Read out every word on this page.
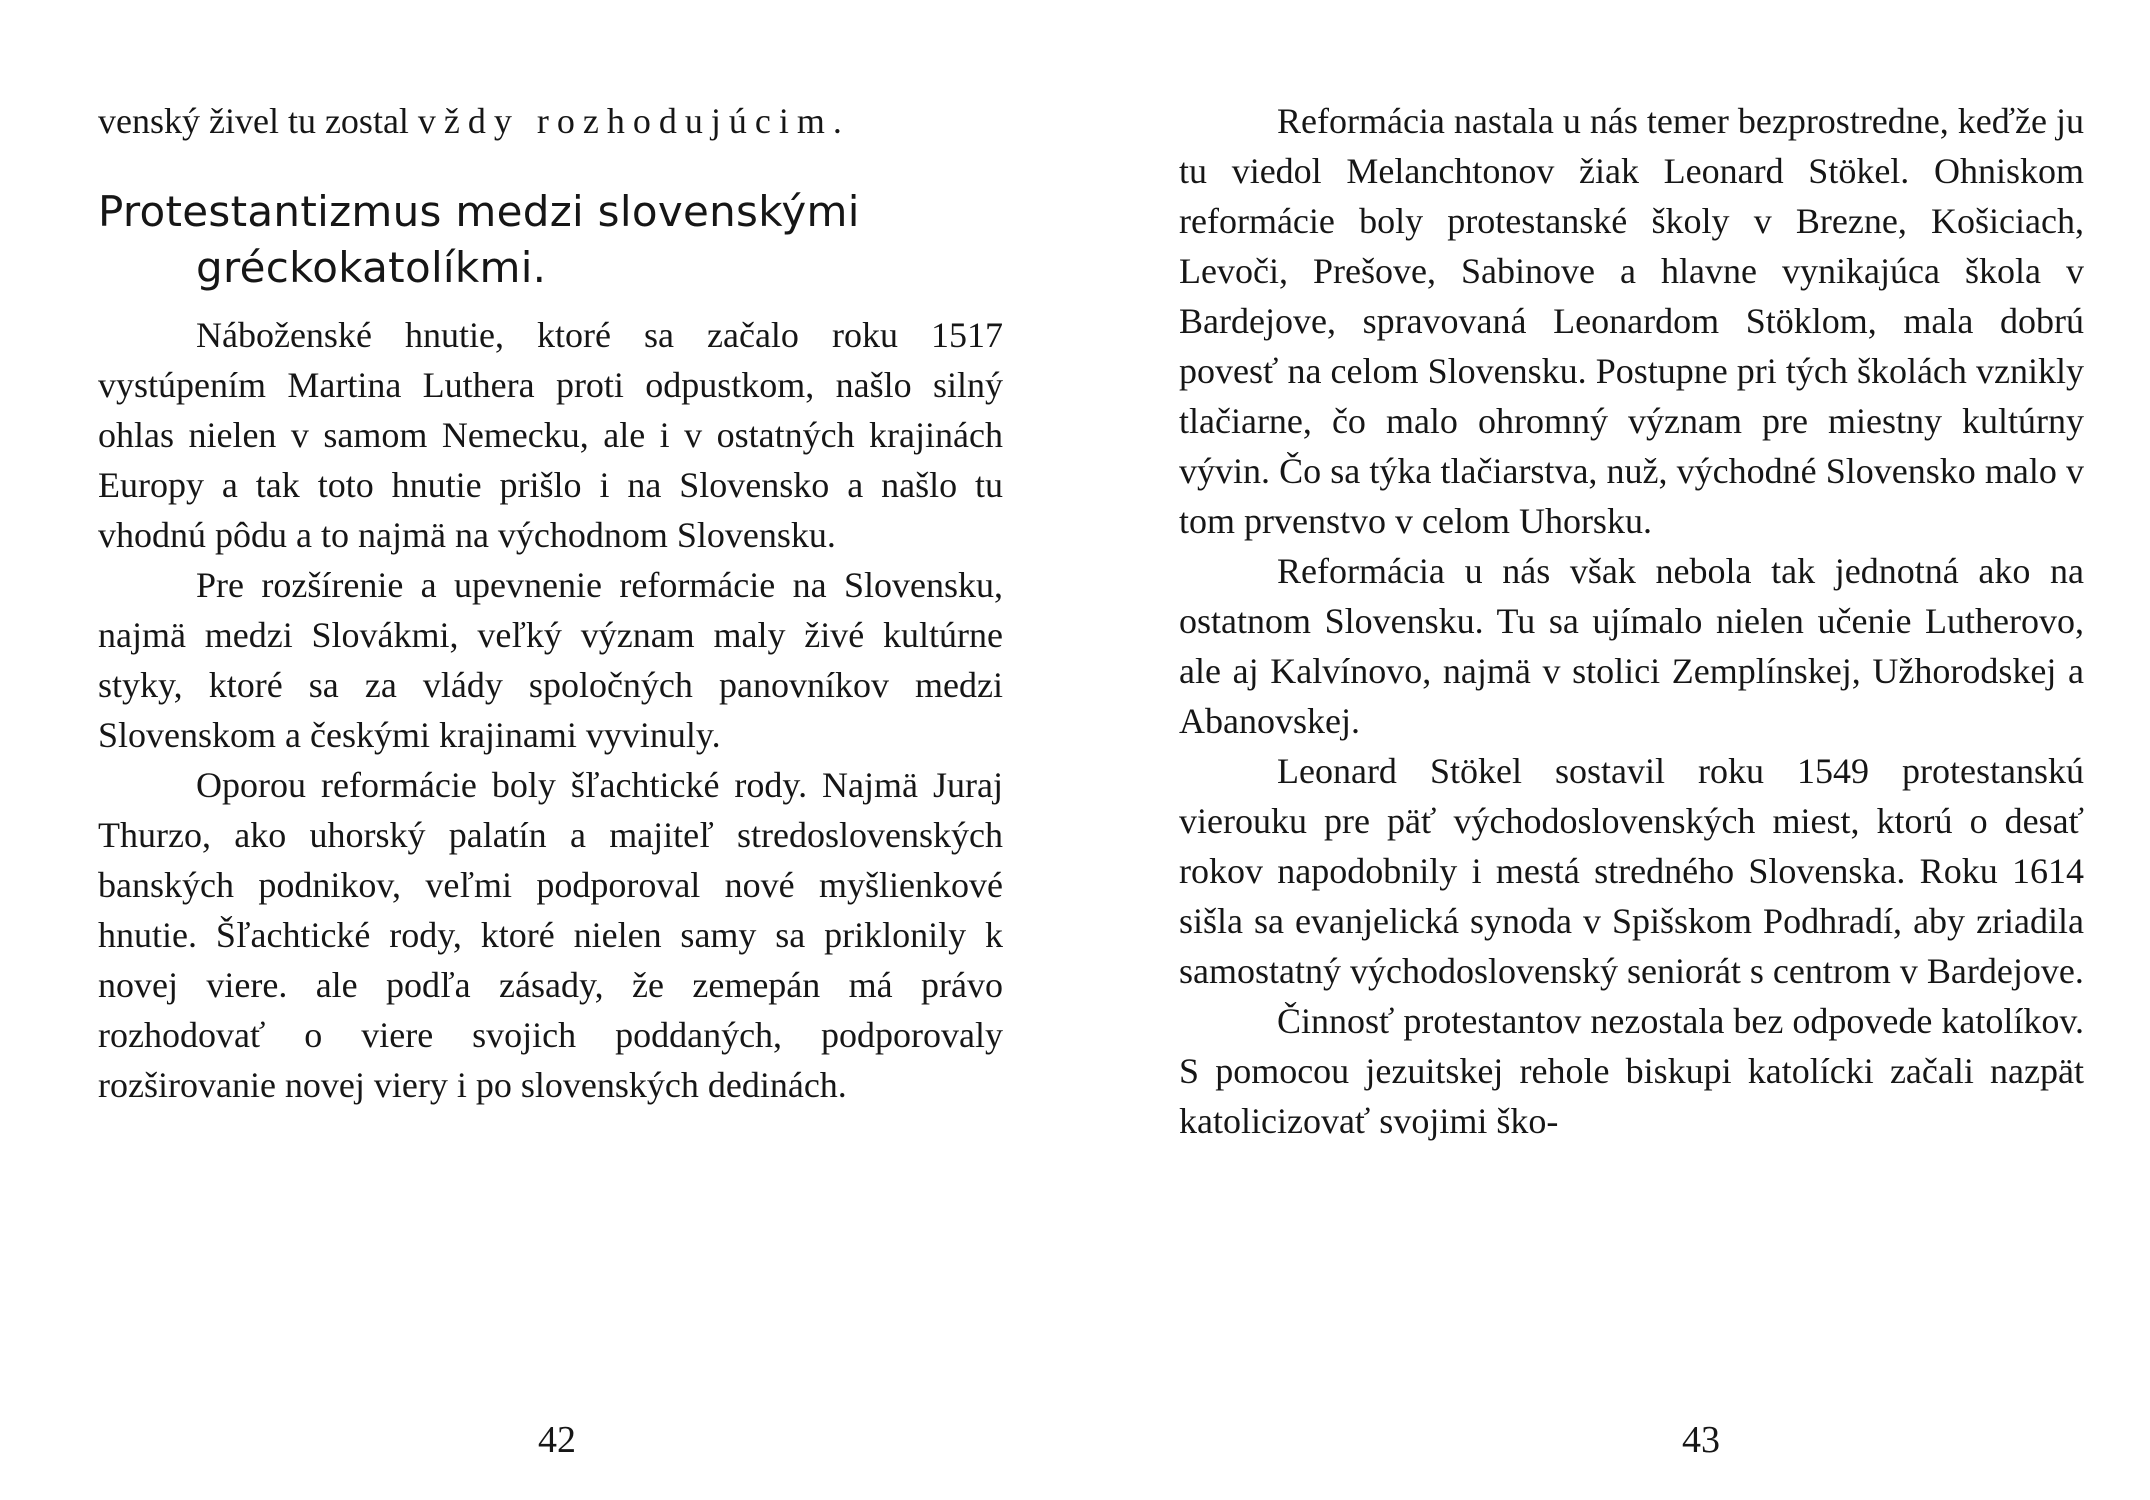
venský živel tu zostal vždy rozhodujúcim.

Protestantizmus medzi slovenskými gréckokatolíkmi.

Náboženské hnutie, ktoré sa začalo roku 1517 vystúpením Martina Luthera proti odpustkom, našlo silný ohlas nielen v samom Nemecku, ale i v ostatných krajinách Europy a tak toto hnutie prišlo i na Slovensko a našlo tu vhodnú pôdu a to najmä na východnom Slovensku.

Pre rozšírenie a upevnenie reformácie na Slovensku, najmä medzi Slovákmi, veľký význam maly živé kultúrne styky, ktoré sa za vlády spoločných panovníkov medzi Slovenskom a českými krajinami vyvinuly.

Oporou reformácie boly šľachtické rody. Najmä Juraj Thurzo, ako uhorský palatín a majiteľ stredoslovenských banských podnikov, veľmi podporoval nové myšlienkové hnutie. Šľachtické rody, ktoré nielen samy sa priklonily k novej viere. ale podľa zásady, že zemepán má právo rozhodovať o viere svojich poddaných, podporovaly rozširovanie novej viery i po slovenských dedinách.

42

Reformácia nastala u nás temer bezprostredne, keďže ju tu viedol Melanchtonov žiak Leonard Stökel. Ohniskom reformácie boly protestanské školy v Brezne, Košiciach, Levoči, Prešove, Sabinove a hlavne vynikajúca škola v Bardejove, spravovaná Leonardom Stöklom, mala dobrú povesť na celom Slovensku. Postupne pri tých školách vznikly tlačiarne, čo malo ohromný význam pre miestny kultúrny vývin. Čo sa týka tlačiarstva, nuž, východné Slovensko malo v tom prvenstvo v celom Uhorsku.

Reformácia u nás však nebola tak jednotná ako na ostatnom Slovensku. Tu sa ujímalo nielen učenie Lutherovo, ale aj Kalvínovo, najmä v stolici Zemplínskej, Užhorodskej a Abanovskej.

Leonard Stökel sostavil roku 1549 protestanskú vierouku pre päť východoslovenských miest, ktorú o desať rokov napodobnily i mestá stredného Slovenska. Roku 1614 sišla sa evanjelická synoda v Spišskom Podhradí, aby zriadila samostatný východoslovenský seniorát s centrom v Bardejove.

Činnosť protestantov nezostala bez odpovede katolíkov. S pomocou jezuitskej rehole biskupi katolícki začali nazpät katolicizovať svojimi ško-

43
